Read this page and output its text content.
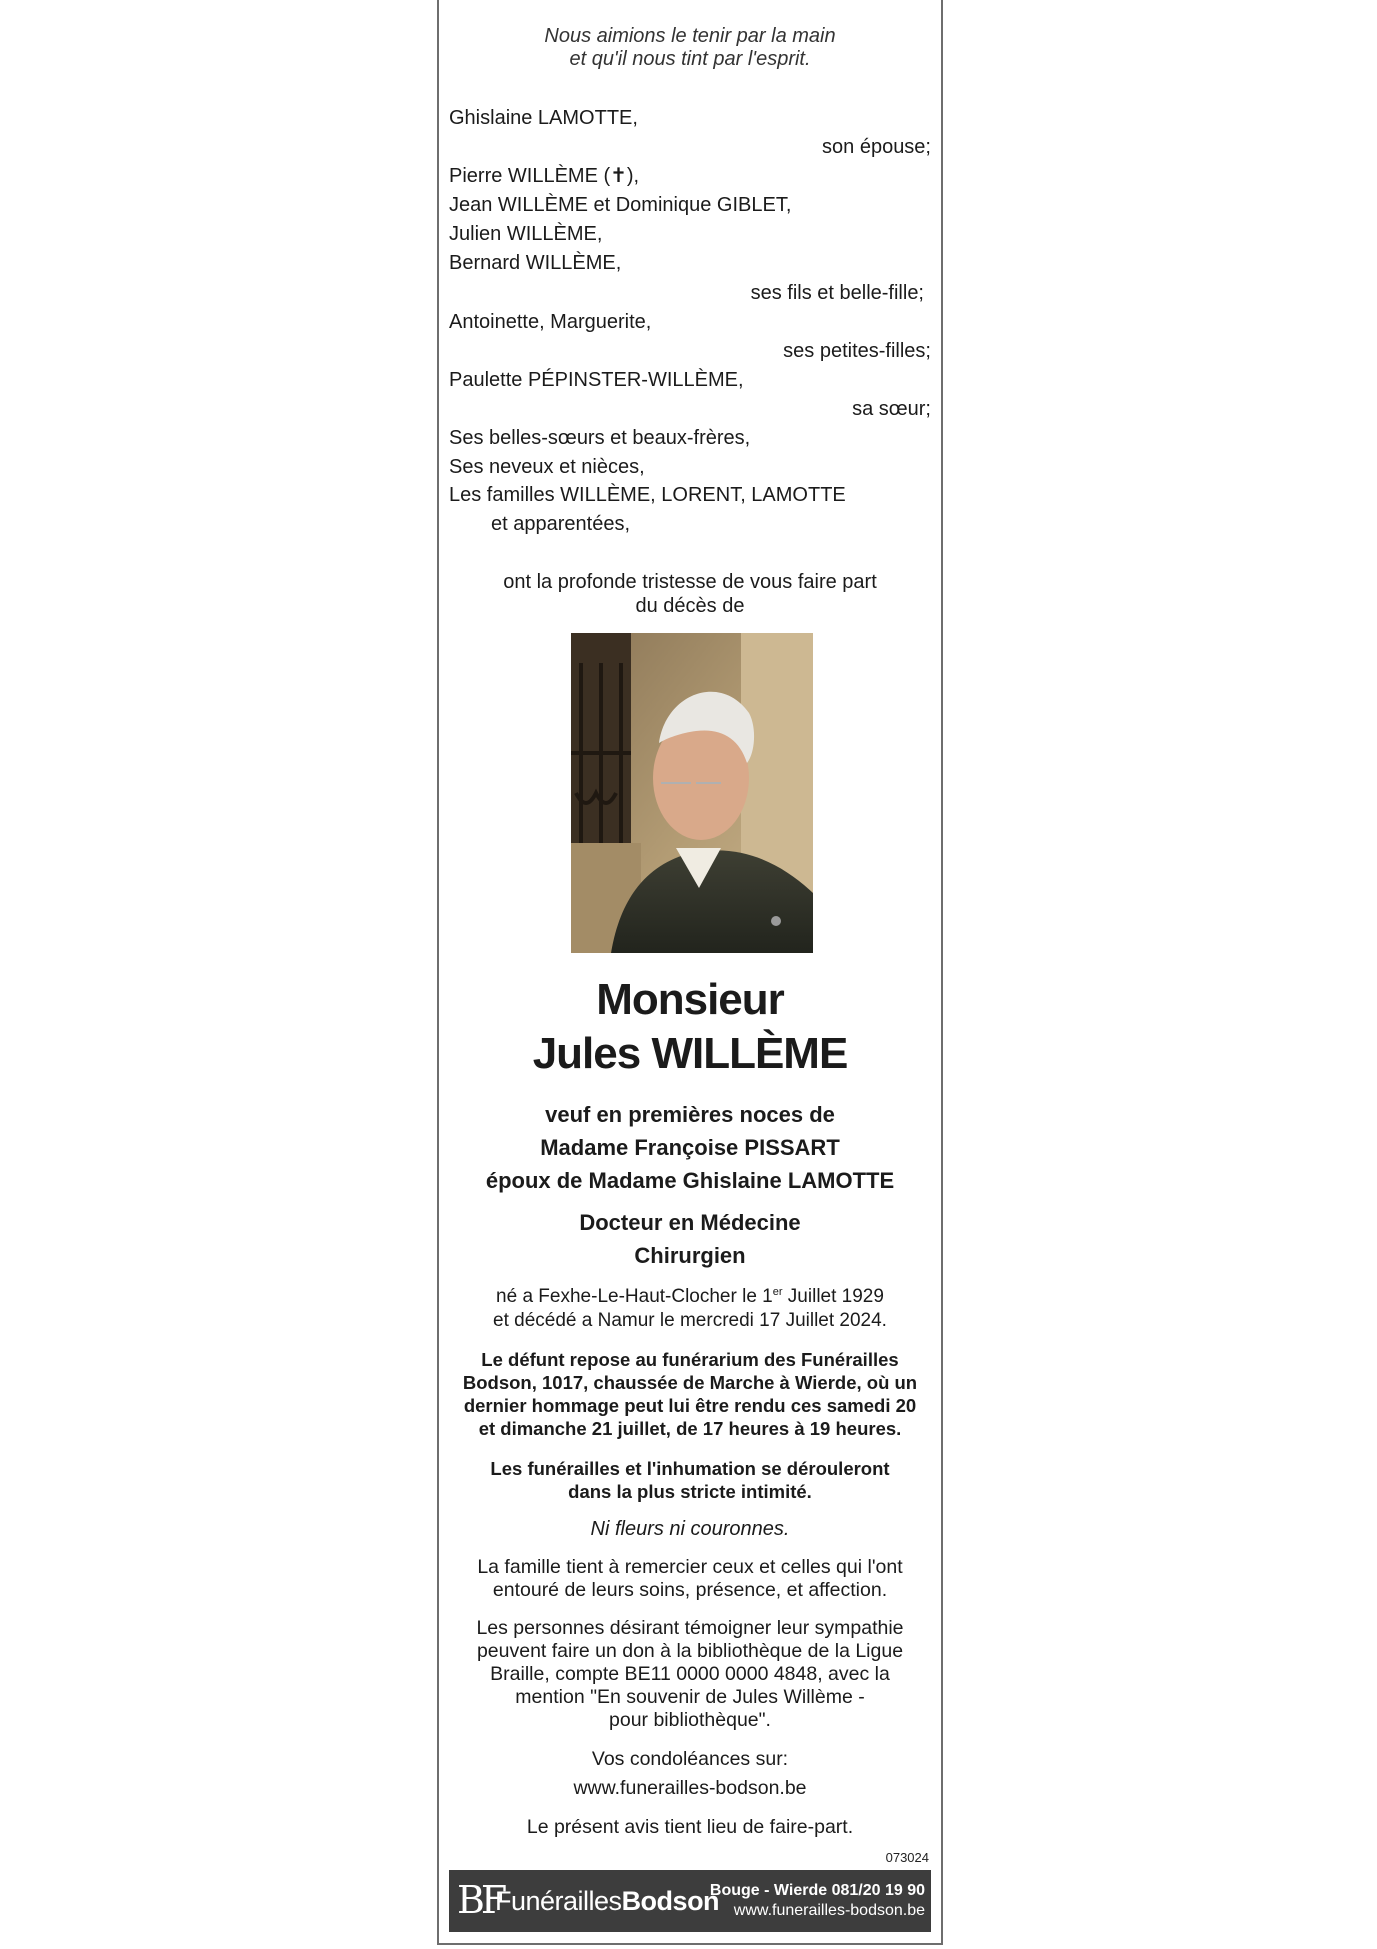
Nous aimions le tenir par la main
et qu'il nous tint par l'esprit.
Ghislaine LAMOTTE,
son épouse;
Pierre WILLÈME (✝),
Jean WILLÈME et Dominique GIBLET,
Julien WILLÈME,
Bernard WILLÈME,
ses fils et belle-fille;
Antoinette, Marguerite,
ses petites-filles;
Paulette PÉPINSTER-WILLÈME,
sa sœur;
Ses belles-sœurs et beaux-frères,
Ses neveux et nièces,
Les familles WILLÈME, LORENT, LAMOTTE
et apparentées,
ont la profonde tristesse de vous faire part
du décès de
Monsieur
Jules WILLÈME
veuf en premières noces de
Madame Françoise PISSART
époux de Madame Ghislaine LAMOTTE
Docteur en Médecine
Chirurgien
né a Fexhe-Le-Haut-Clocher le 1er Juillet 1929
et décédé a Namur le mercredi 17 Juillet 2024.
Le défunt repose au funérarium des Funérailles
Bodson, 1017, chaussée de Marche à Wierde, où un
dernier hommage peut lui être rendu ces samedi 20
et dimanche 21 juillet, de 17 heures à 19 heures.
Les funérailles et l'inhumation se dérouleront
dans la plus stricte intimité.
Ni fleurs ni couronnes.
La famille tient à remercier ceux et celles qui l'ont
entouré de leurs soins, présence, et affection.
Les personnes désirant témoigner leur sympathie
peuvent faire un don à la bibliothèque de la Ligue
Braille, compte BE11 0000 0000 4848, avec la
mention "En souvenir de Jules Willème -
pour bibliothèque".
Vos condoléances sur:
www.funerailles-bodson.be
Le présent avis tient lieu de faire-part.
073024
BF
FunéraillesBodson
Bouge - Wierde 081/20 19 90
www.funerailles-bodson.be
